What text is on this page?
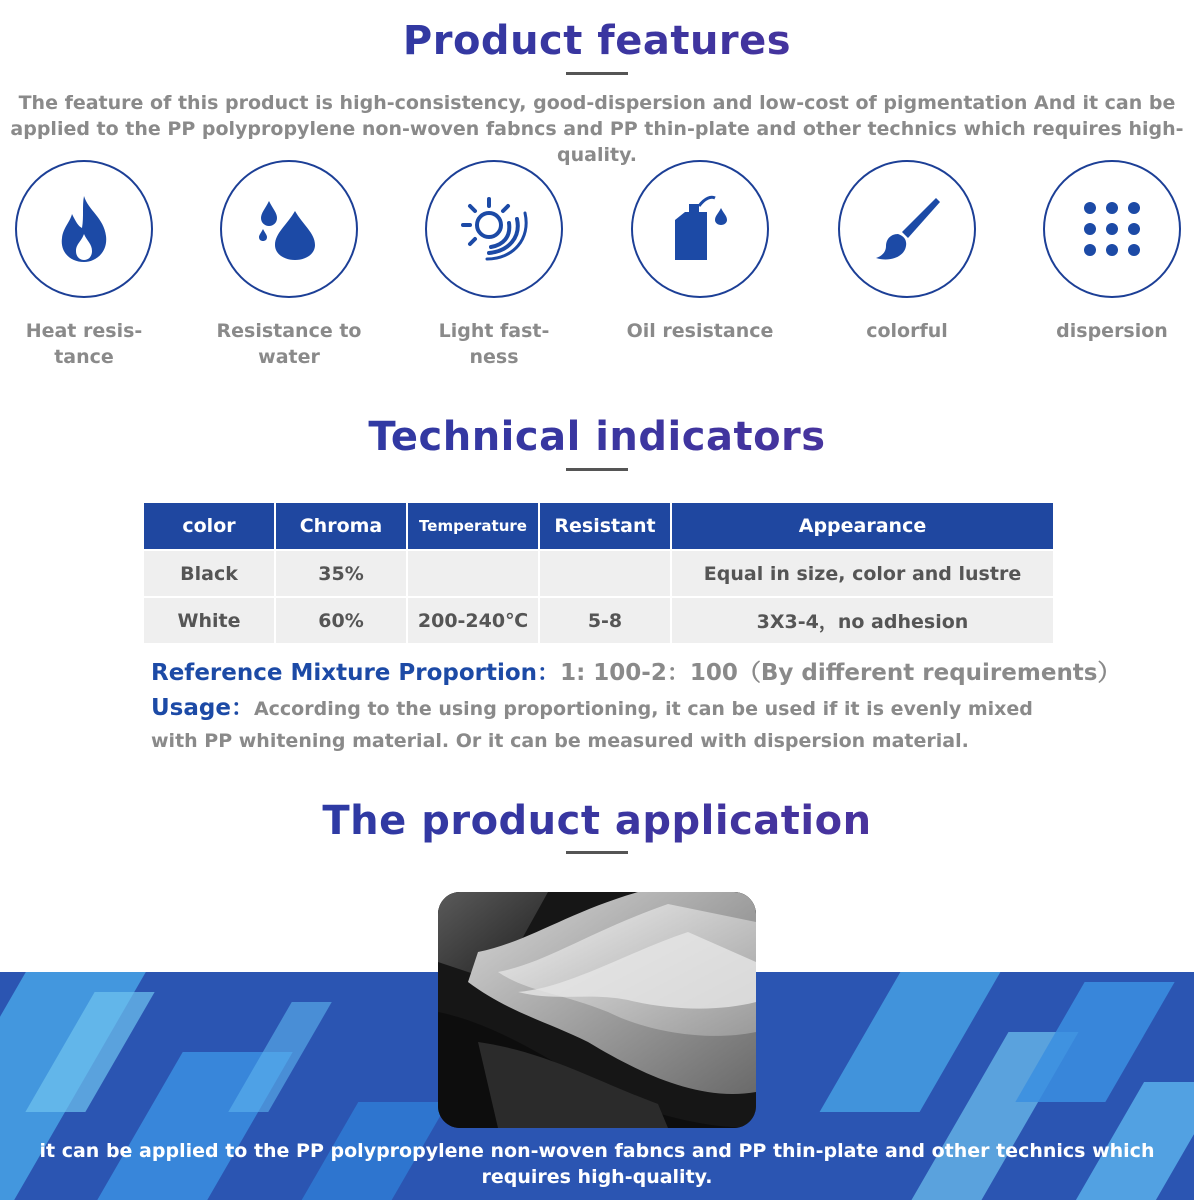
Product features

The feature of this product is high-consistency, good-dispersion and low-cost of pigmentation And it can be applied to the PP polypropylene non-woven fabncs and PP thin-plate and other technics which requires high-quality.

Heat resis-
tance
Resistance to
water
Light fast-
ness
Oil resistance	colorful	dispersion
Technical indicators
color	Chroma	Temperature	Resistant	Appearance
Black	35%			Equal in size, color and lustre
White	60%	200-240℃	5-8	3X3-4，no adhesion

Reference Mixture Proportion：1: 100-2：100（By different requirements）

Usage：According to the using proportioning, it can be used if it is evenly mixed with PP whitening material. Or it can be measured with dispersion material.

The product application

it can be applied to the PP polypropylene non-woven fabncs and PP thin-plate and other technics which requires high-quality.
